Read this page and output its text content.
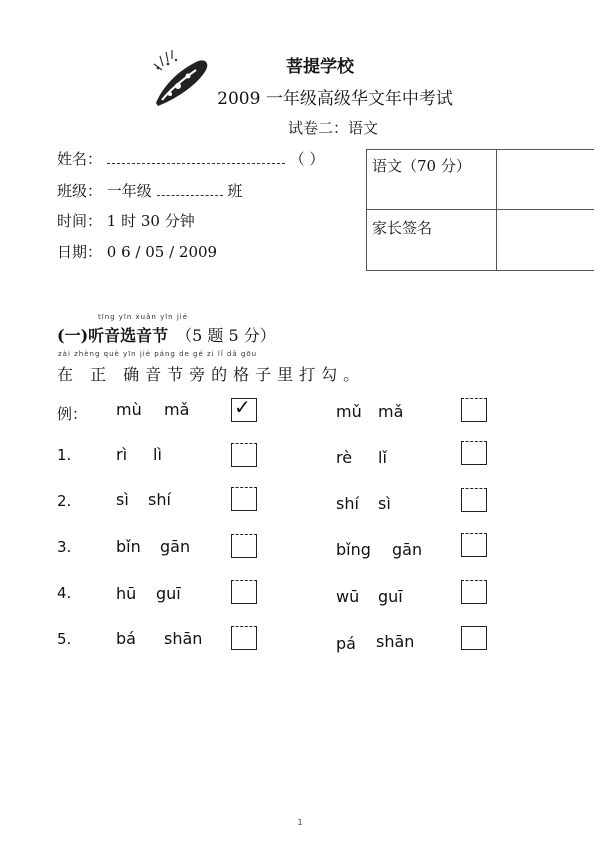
菩提学校
2009 一年级高级华文年中考试
试卷二：语文
姓名：	（ ）
班级： 一年级	班
时间： 1 时 30 分钟
日期： 0 6 / 05 / 2009
语文（70 分）
家长签名
tīng yīn xuǎn yīn jié
(一)听音选音节 （5 题 5 分）
zài zhèng què yīn jié páng de gé zi lǐ dǎ gōu
在 正 确音节旁的格子里打勾。
例： mù mǎ ✓	mǔ mǎ
1.	rì lì	rè lǐ
2.	sì shí	shí sì
3.	bǐn gān	bǐng gān
4.	hū guī	wū guī
5.	bá shān	pá shān
1
